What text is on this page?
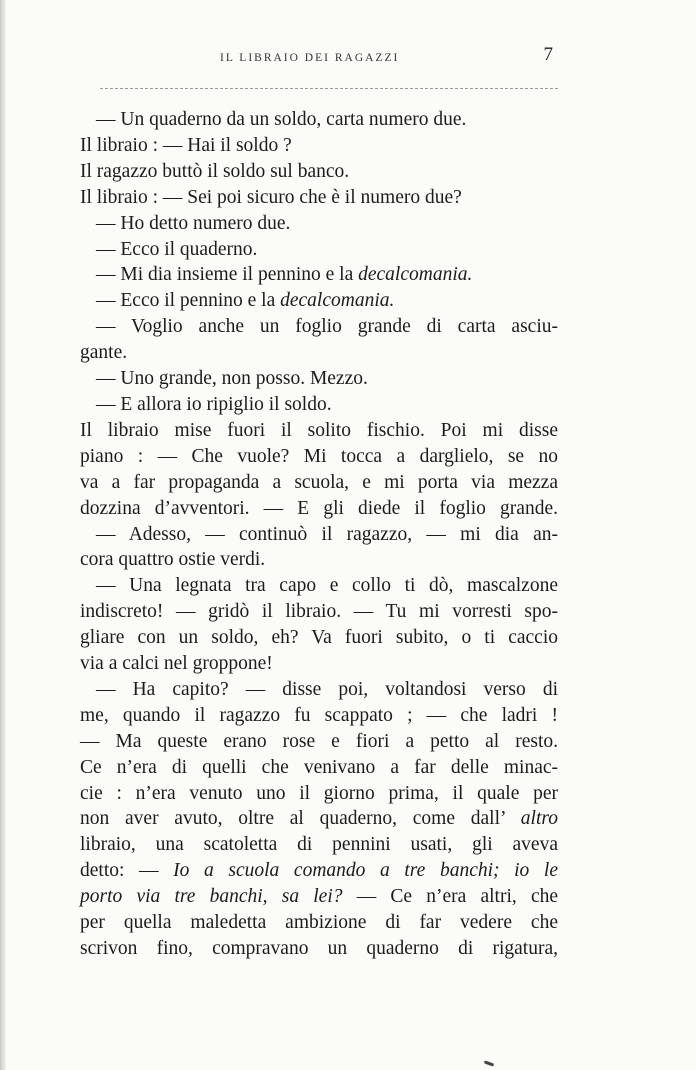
IL LIBRAIO DEI RAGAZZI	7
— Un quaderno da un soldo, carta numero due.
Il libraio : — Hai il soldo ?
Il ragazzo buttò il soldo sul banco.
Il libraio : — Sei poi sicuro che è il numero due?
— Ho detto numero due.
— Ecco il quaderno.
— Mi dia insieme il pennino e la decalcomania.
— Ecco il pennino e la decalcomania.
— Voglio anche un foglio grande di carta asciu-
gante.
— Uno grande, non posso. Mezzo.
— E allora io ripiglio il soldo.
Il libraio mise fuori il solito fischio. Poi mi disse
piano : — Che vuole? Mi tocca a darglielo, se no
va a far propaganda a scuola, e mi porta via mezza
dozzina d’avventori. — E gli diede il foglio grande.
— Adesso, — continuò il ragazzo, — mi dia an-
cora quattro ostie verdi.
— Una legnata tra capo e collo ti dò, mascalzone
indiscreto! — gridò il libraio. — Tu mi vorresti spo-
gliare con un soldo, eh? Va fuori subito, o ti caccio
via a calci nel groppone!
— Ha capito? — disse poi, voltandosi verso di
me, quando il ragazzo fu scappato ; — che ladri !
— Ma queste erano rose e fiori a petto al resto.
Ce n’era di quelli che venivano a far delle minac-
cie : n’era venuto uno il giorno prima, il quale per
non aver avuto, oltre al quaderno, come dall’ altro
libraio, una scatoletta di pennini usati, gli aveva
detto: — Io a scuola comando a tre banchi; io le
porto via tre banchi, sa lei? — Ce n’era altri, che
per quella maledetta ambizione di far vedere che
scrivon fino, compravano un quaderno di rigatura,
